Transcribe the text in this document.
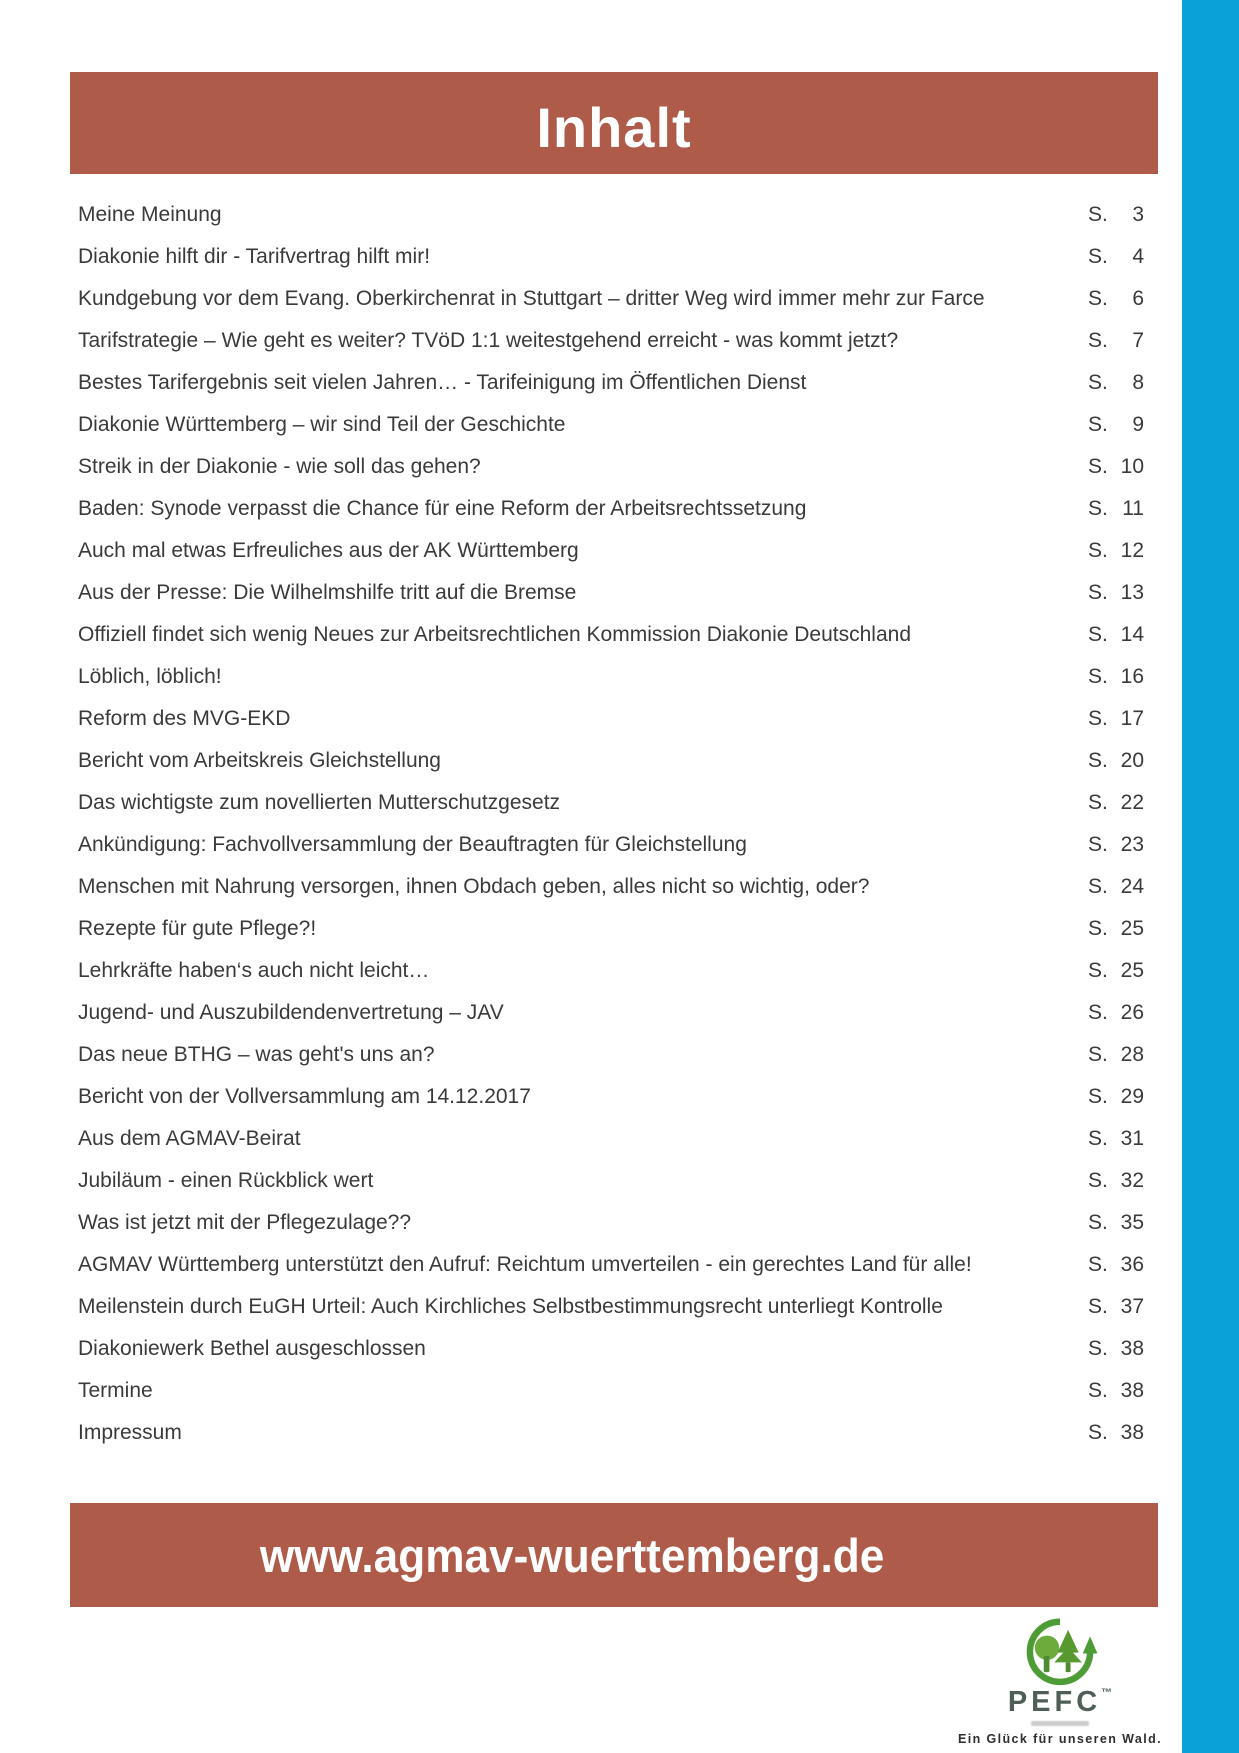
Inhalt
Meine Meinung	S. 3
Diakonie hilft dir - Tarifvertrag hilft mir!	S. 4
Kundgebung vor dem Evang. Oberkirchenrat in Stuttgart – dritter Weg wird immer mehr zur Farce	S. 6
Tarifstrategie – Wie geht es weiter? TVöD 1:1 weitestgehend erreicht - was kommt jetzt?	S. 7
Bestes Tarifergebnis seit vielen Jahren… - Tarifeinigung im Öffentlichen Dienst	S. 8
Diakonie Württemberg – wir sind Teil der Geschichte	S. 9
Streik in der Diakonie - wie soll das gehen?	S. 10
Baden: Synode verpasst die Chance für eine Reform der Arbeitsrechtssetzung	S. 11
Auch mal etwas Erfreuliches aus der AK Württemberg	S. 12
Aus der Presse: Die Wilhelmshilfe tritt auf die Bremse	S. 13
Offiziell findet sich wenig Neues zur Arbeitsrechtlichen Kommission Diakonie Deutschland	S. 14
Löblich, löblich!	S. 16
Reform des MVG-EKD	S. 17
Bericht vom Arbeitskreis Gleichstellung	S. 20
Das wichtigste zum novellierten Mutterschutzgesetz	S. 22
Ankündigung: Fachvollversammlung der Beauftragten für Gleichstellung	S. 23
Menschen mit Nahrung versorgen, ihnen Obdach geben, alles nicht so wichtig, oder?	S. 24
Rezepte für gute Pflege?!	S. 25
Lehrkräfte haben‘s auch nicht leicht…	S. 25
Jugend- und Auszubildendenvertretung – JAV	S. 26
Das neue BTHG – was geht's uns an?	S. 28
Bericht von der Vollversammlung am 14.12.2017	S. 29
Aus dem AGMAV-Beirat	S. 31
Jubiläum - einen Rückblick wert	S. 32
Was ist jetzt mit der Pflegezulage??	S. 35
AGMAV Württemberg unterstützt den Aufruf: Reichtum umverteilen - ein gerechtes Land für alle!	S. 36
Meilenstein durch EuGH Urteil: Auch Kirchliches Selbstbestimmungsrecht unterliegt Kontrolle	S. 37
Diakoniewerk Bethel ausgeschlossen	S. 38
Termine	S. 38
Impressum	S. 38
www.agmav-wuerttemberg.de
PEFC™
Ein Glück für unseren Wald.
